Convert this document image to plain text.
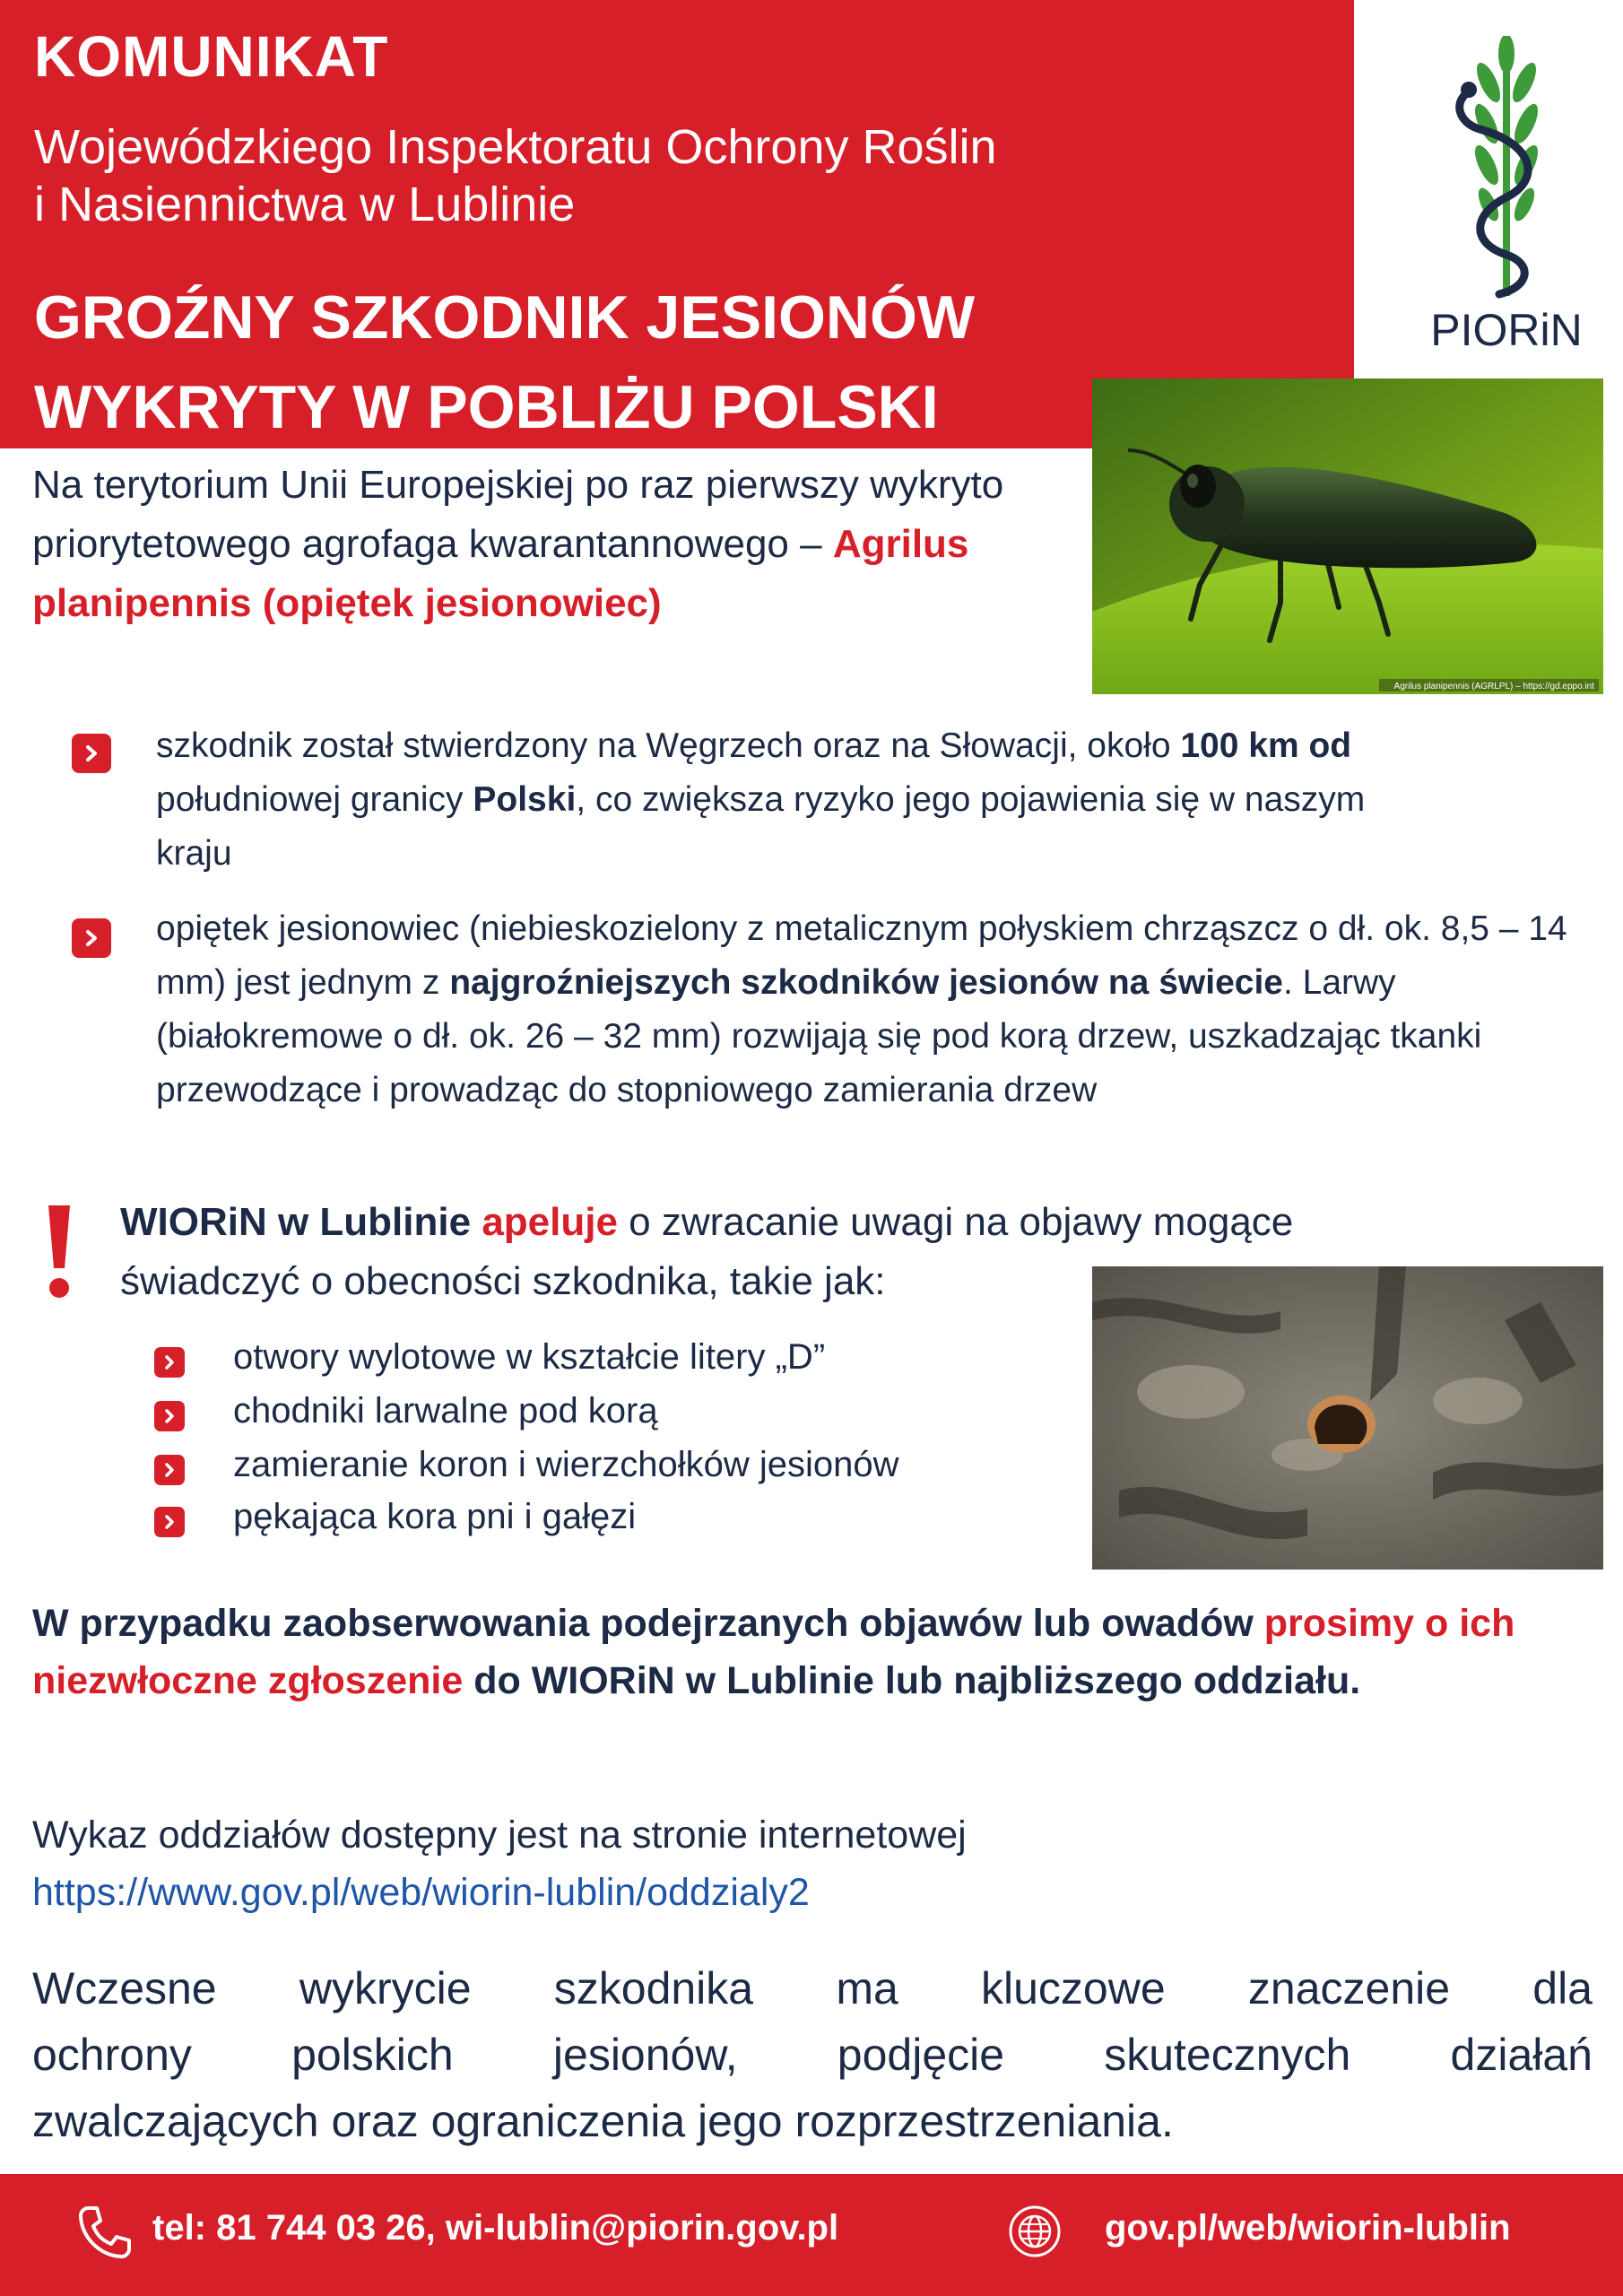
KOMUNIKAT
Wojewódzkiego Inspektoratu Ochrony Roślin
i Nasiennictwa w Lublinie
GROŹNY SZKODNIK JESIONÓW
WYKRYTY W POBLIŻU POLSKI
PIORiN
Agrilus planipennis (AGRLPL) – https://gd.eppo.int
Na terytorium Unii Europejskiej po raz pierwszy wykryto priorytetowego agrofaga kwarantannowego – Agrilus planipennis (opiętek jesionowiec)
szkodnik został stwierdzony na Węgrzech oraz na Słowacji, około 100 km od południowej granicy Polski, co zwiększa ryzyko jego pojawienia się w naszym kraju
opiętek jesionowiec (niebieskozielony z metalicznym połyskiem chrząszcz o dł. ok. 8,5 – 14 mm) jest jednym z najgroźniejszych szkodników jesionów na świecie. Larwy (białokremowe o dł. ok. 26 – 32 mm) rozwijają się pod korą drzew, uszkadzając tkanki przewodzące i prowadząc do stopniowego zamierania drzew
WIORiN w Lublinie apeluje o zwracanie uwagi na objawy mogące
świadczyć o obecności szkodnika, takie jak:
otwory wylotowe w kształcie litery „D”
chodniki larwalne pod korą
zamieranie koron i wierzchołków jesionów
pękająca kora pni i gałęzi
W przypadku zaobserwowania podejrzanych objawów lub owadów prosimy o ich niezwłoczne zgłoszenie do WIORiN w Lublinie lub najbliższego oddziału.
Wykaz oddziałów dostępny jest na stronie internetowej
https://www.gov.pl/web/wiorin-lublin/oddzialy2
Wczesne wykrycie szkodnika ma kluczowe znaczenie dla
ochrony polskich jesionów, podjęcie skutecznych działań
zwalczających oraz ograniczenia jego rozprzestrzeniania.
tel: 81 744 03 26, wi-lublin@piorin.gov.pl	gov.pl/web/wiorin-lublin
